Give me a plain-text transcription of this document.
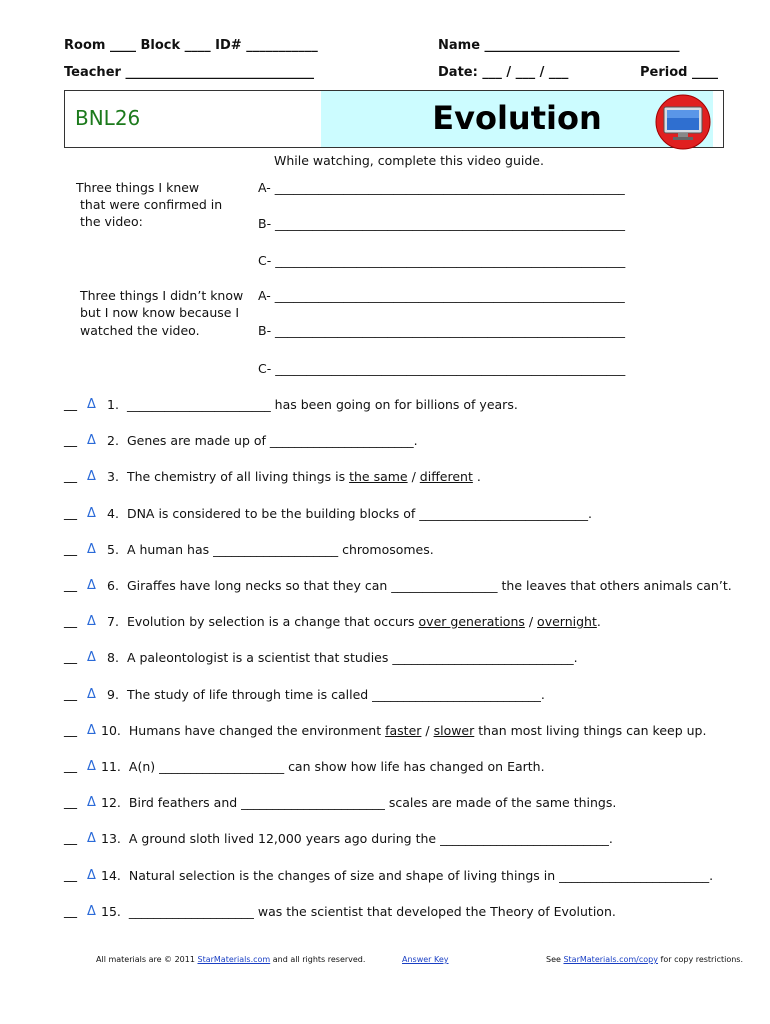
Room ____ Block ____ ID# ___________	Name ______________________________
Teacher _____________________________	Date: ___ / ___ / ___	Period ____
BNL26	Evolution
While watching, complete this video guide.
Three things I knew
that were confirmed in
the video:
A- ________________________________________________________
B- ________________________________________________________
C- ________________________________________________________
Three things I didn’t know
but I now know because I
watched the video.
A- ________________________________________________________
B- ________________________________________________________
C- ________________________________________________________
__ Δ 1. _______________________ has been going on for billions of years.
__ Δ 2. Genes are made up of _______________________.
__ Δ 3. The chemistry of all living things is the same / different .
__ Δ 4. DNA is considered to be the building blocks of ___________________________.
__ Δ 5. A human has ____________________ chromosomes.
__ Δ 6. Giraffes have long necks so that they can _________________ the leaves that others animals can’t.
__ Δ 7. Evolution by selection is a change that occurs over generations / overnight.
__ Δ 8. A paleontologist is a scientist that studies _____________________________.
__ Δ 9. The study of life through time is called ___________________________.
__ Δ 10. Humans have changed the environment faster / slower than most living things can keep up.
__ Δ 11. A(n) ____________________ can show how life has changed on Earth.
__ Δ 12. Bird feathers and _______________________ scales are made of the same things.
__ Δ 13. A ground sloth lived 12,000 years ago during the ___________________________.
__ Δ 14. Natural selection is the changes of size and shape of living things in ________________________.
__ Δ 15. ____________________ was the scientist that developed the Theory of Evolution.
All materials are © 2011 StarMaterials.com and all rights reserved.	Answer Key	See StarMaterials.com/copy for copy restrictions.
